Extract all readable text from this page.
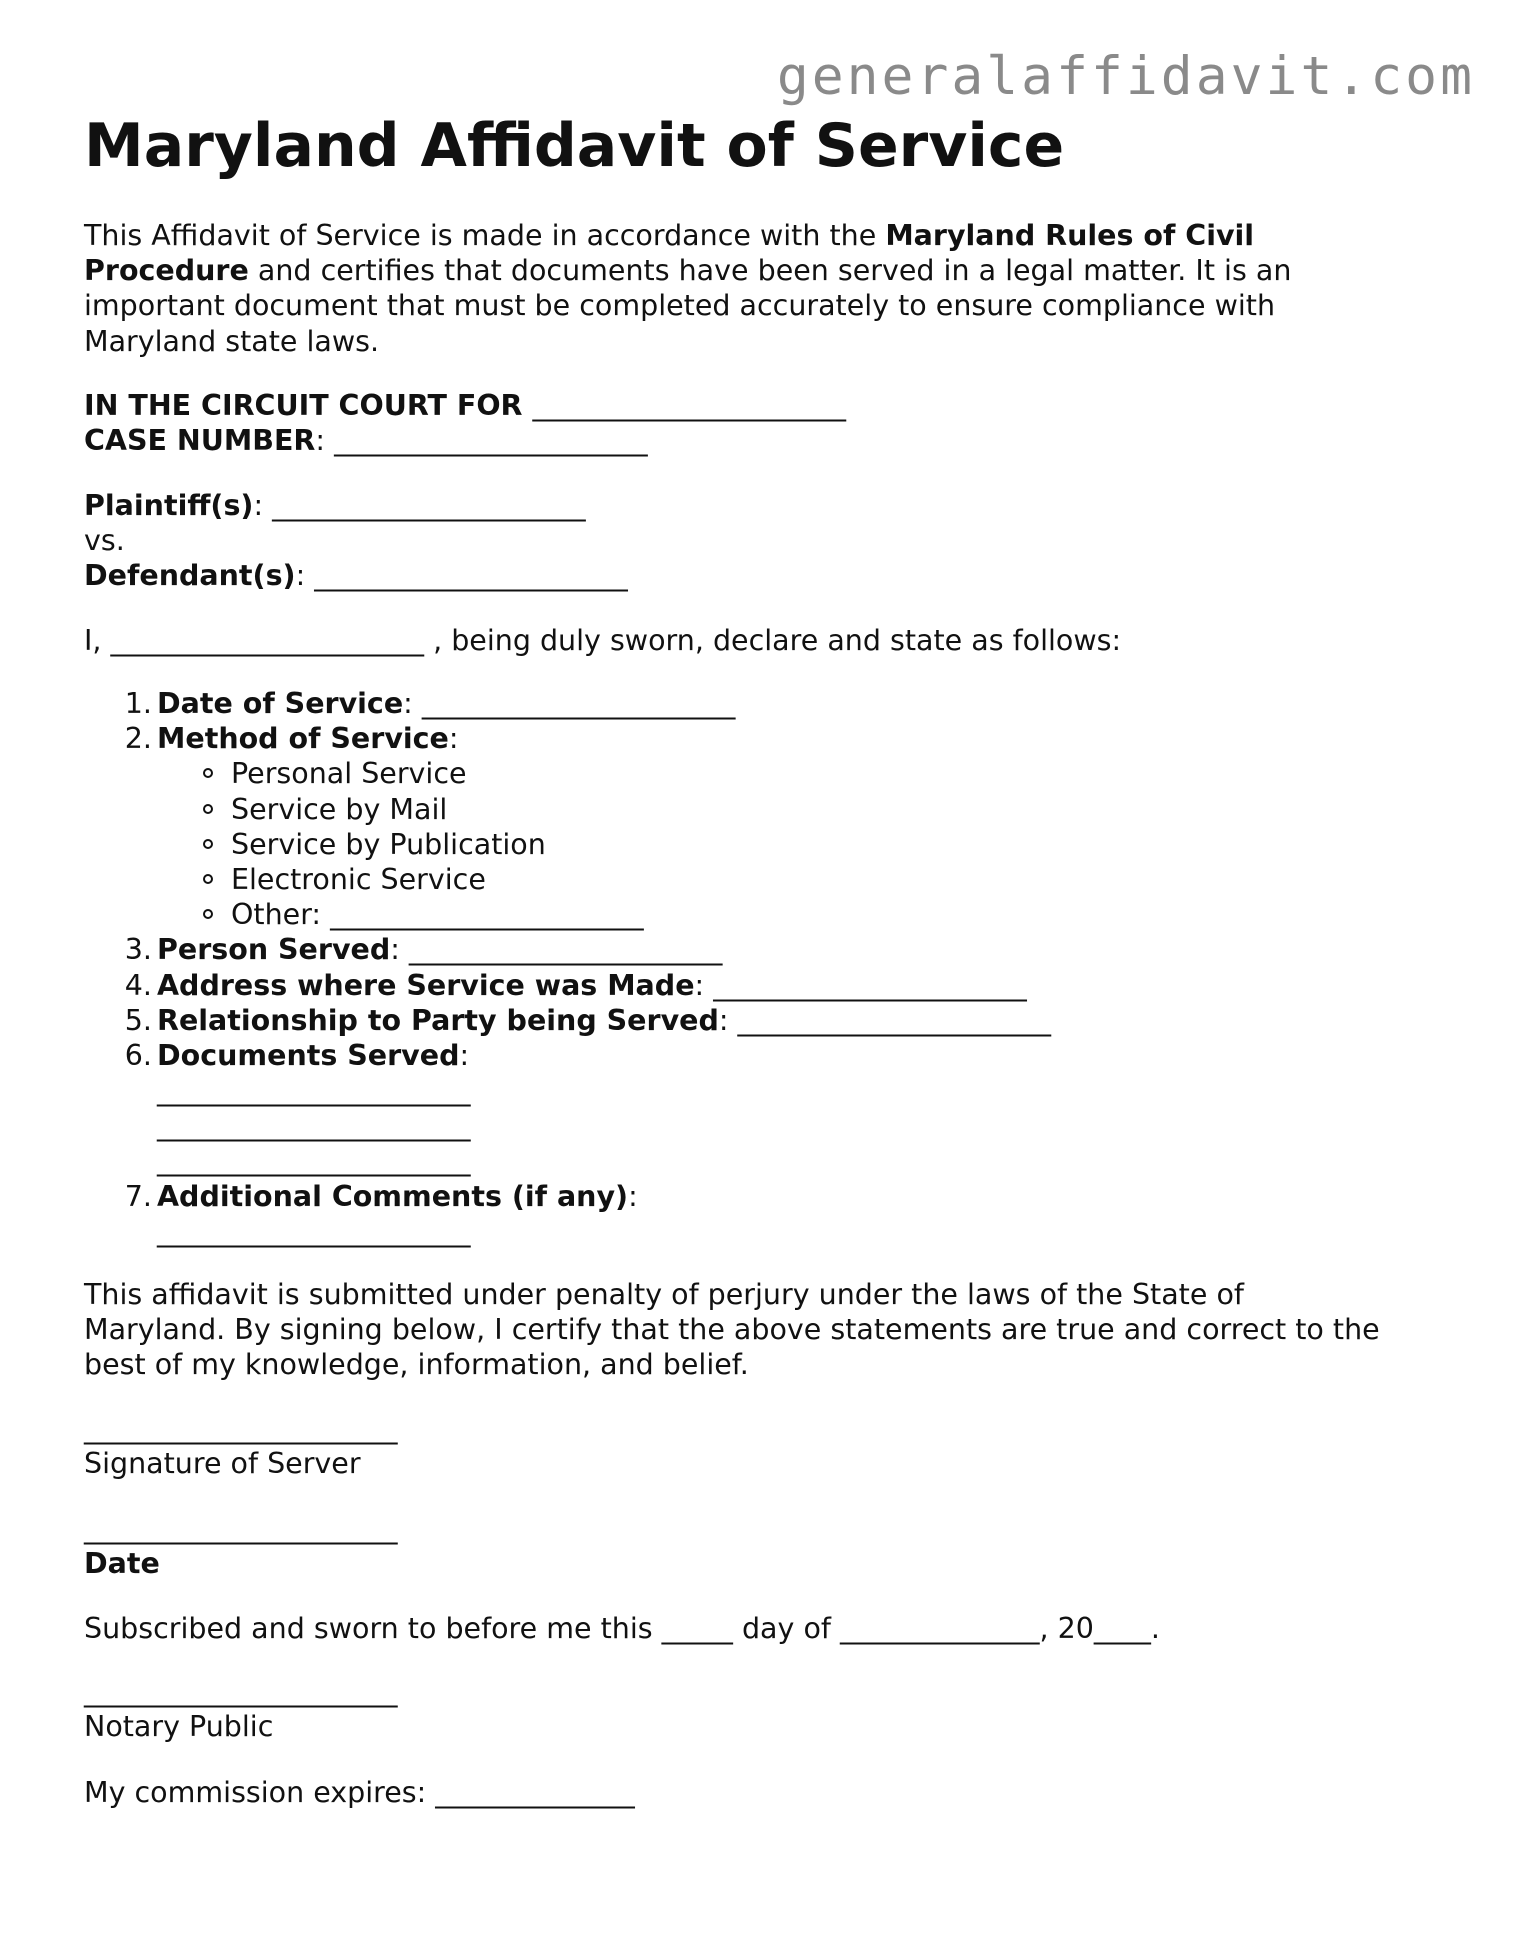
generalaffidavit.com
Maryland Affidavit of Service
This Affidavit of Service is made in accordance with the Maryland Rules of Civil
Procedure and certifies that documents have been served in a legal matter. It is an
important document that must be completed accurately to ensure compliance with
Maryland state laws.
IN THE CIRCUIT COURT FOR ______________________
CASE NUMBER: ______________________
Plaintiff(s): ______________________
vs.
Defendant(s): ______________________
I, ______________________ , being duly sworn, declare and state as follows:
1. Date of Service: ______________________
2. Method of Service:
Personal Service
Service by Mail
Service by Publication
Electronic Service
Other: ______________________
3. Person Served: ______________________
4. Address where Service was Made: ______________________
5. Relationship to Party being Served: ______________________
6. Documents Served:
______________________
______________________
______________________
7. Additional Comments (if any):
______________________
This affidavit is submitted under penalty of perjury under the laws of the State of
Maryland. By signing below, I certify that the above statements are true and correct to the
best of my knowledge, information, and belief.
______________________
Signature of Server
______________________
Date
Subscribed and sworn to before me this _____ day of ______________, 20____.
______________________
Notary Public
My commission expires: ______________
